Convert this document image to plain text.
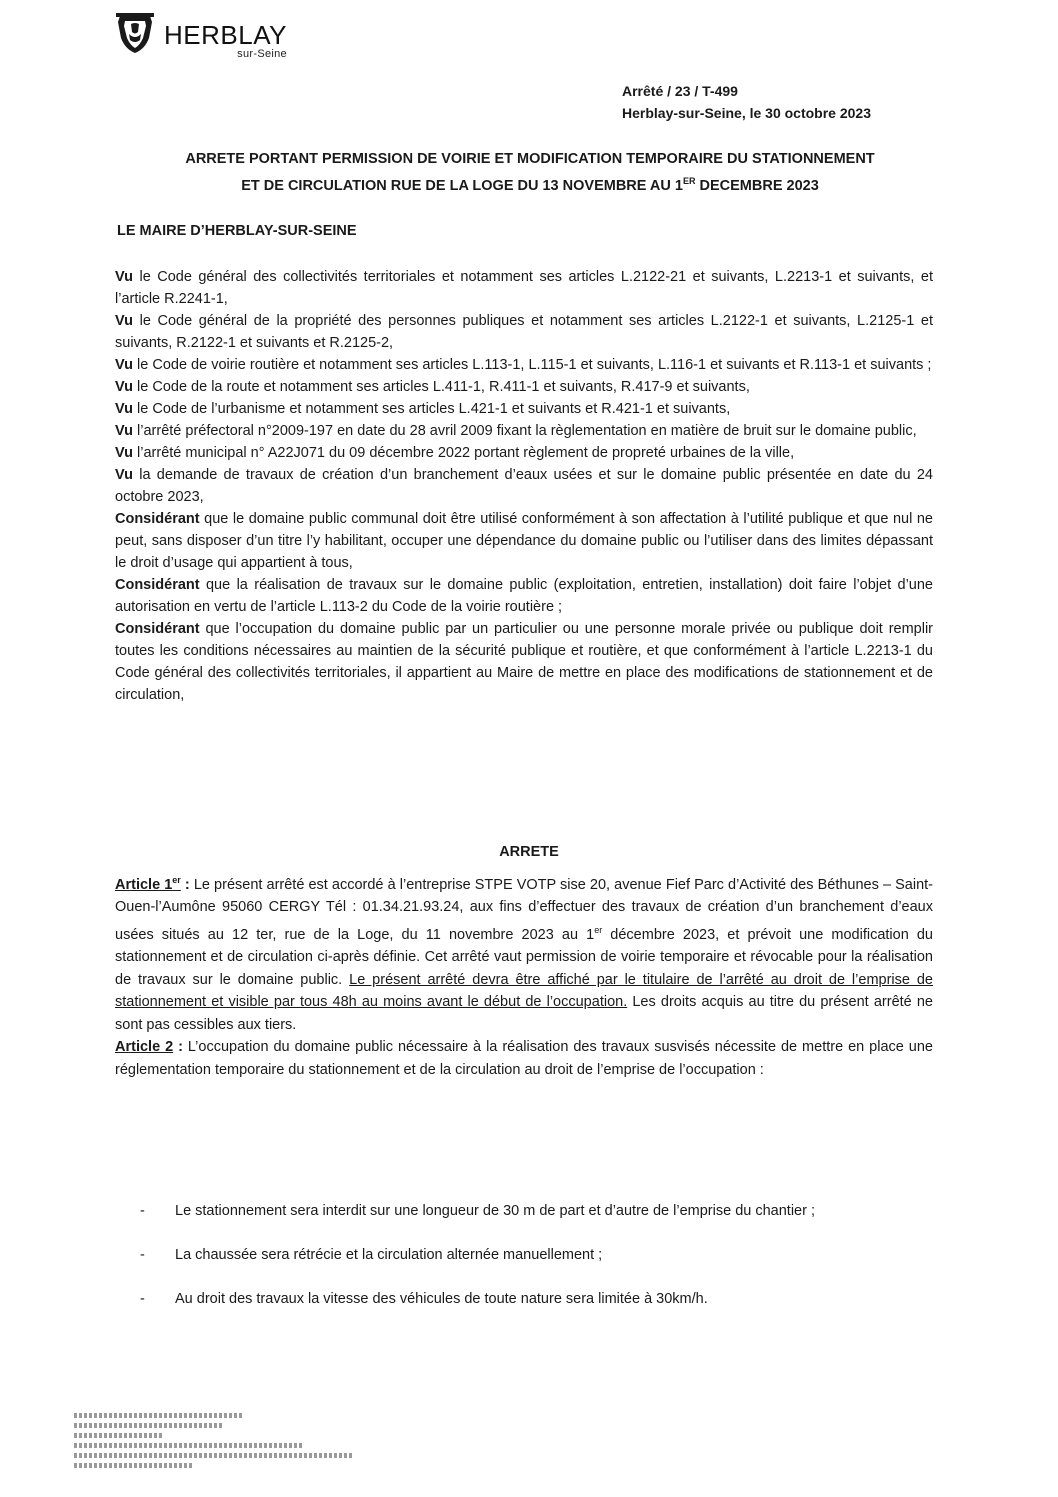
HERBLAY
sur-Seine
Arrêté / 23 / T-499
Herblay-sur-Seine, le 30 octobre 2023
ARRETE PORTANT PERMISSION DE VOIRIE ET MODIFICATION TEMPORAIRE DU STATIONNEMENT
ET DE CIRCULATION RUE DE LA LOGE DU 13 NOVEMBRE AU 1ER DECEMBRE 2023
LE MAIRE D’HERBLAY-SUR-SEINE

Vu le Code général des collectivités territoriales et notamment ses articles L.2122-21 et suivants, L.2213-1 et suivants, et l’article R.2241-1,

Vu le Code général de la propriété des personnes publiques et notamment ses articles L.2122-1 et suivants, L.2125-1 et suivants, R.2122-1 et suivants et R.2125-2,

Vu le Code de voirie routière et notamment ses articles L.113-1, L.115-1 et suivants, L.116-1 et suivants et R.113-1 et suivants ;

Vu le Code de la route et notamment ses articles L.411-1, R.411-1 et suivants, R.417-9 et suivants,

Vu le Code de l’urbanisme et notamment ses articles L.421-1 et suivants et R.421-1 et suivants,

Vu l’arrêté préfectoral n°2009-197 en date du 28 avril 2009 fixant la règlementation en matière de bruit sur le domaine public,

Vu l’arrêté municipal n° A22J071 du 09 décembre 2022 portant règlement de propreté urbaines de la ville,

Vu la demande de travaux de création d’un branchement d’eaux usées et sur le domaine public présentée en date du 24 octobre 2023,

Considérant que le domaine public communal doit être utilisé conformément à son affectation à l’utilité publique et que nul ne peut, sans disposer d’un titre l’y habilitant, occuper une dépendance du domaine public ou l’utiliser dans des limites dépassant le droit d’usage qui appartient à tous,

Considérant que la réalisation de travaux sur le domaine public (exploitation, entretien, installation) doit faire l’objet d’une autorisation en vertu de l’article L.113-2 du Code de la voirie routière ;

Considérant que l’occupation du domaine public par un particulier ou une personne morale privée ou publique doit remplir toutes les conditions nécessaires au maintien de la sécurité publique et routière, et que conformément à l’article L.2213-1 du Code général des collectivités territoriales, il appartient au Maire de mettre en place des modifications de stationnement et de circulation,

ARRETE

Article 1er : Le présent arrêté est accordé à l’entreprise STPE VOTP sise 20, avenue Fief Parc d’Activité des Béthunes – Saint-Ouen-l’Aumône 95060 CERGY Tél : 01.34.21.93.24, aux fins d’effectuer des travaux de création d’un branchement d’eaux usées situés au 12 ter, rue de la Loge, du 11 novembre 2023 au 1er décembre 2023, et prévoit une modification du stationnement et de circulation ci-après définie. Cet arrêté vaut permission de voirie temporaire et révocable pour la réalisation de travaux sur le domaine public. Le présent arrêté devra être affiché par le titulaire de l’arrêté au droit de l’emprise de stationnement et visible par tous 48h au moins avant le début de l’occupation. Les droits acquis au titre du présent arrêté ne sont pas cessibles aux tiers.

Article 2 : L’occupation du domaine public nécessaire à la réalisation des travaux susvisés nécessite de mettre en place une réglementation temporaire du stationnement et de la circulation au droit de l’emprise de l’occupation :

-	Le stationnement sera interdit sur une longueur de 30 m de part et d’autre de l’emprise du chantier ;
-	La chaussée sera rétrécie et la circulation alternée manuellement ;
-	Au droit des travaux la vitesse des véhicules de toute nature sera limitée à 30km/h.
